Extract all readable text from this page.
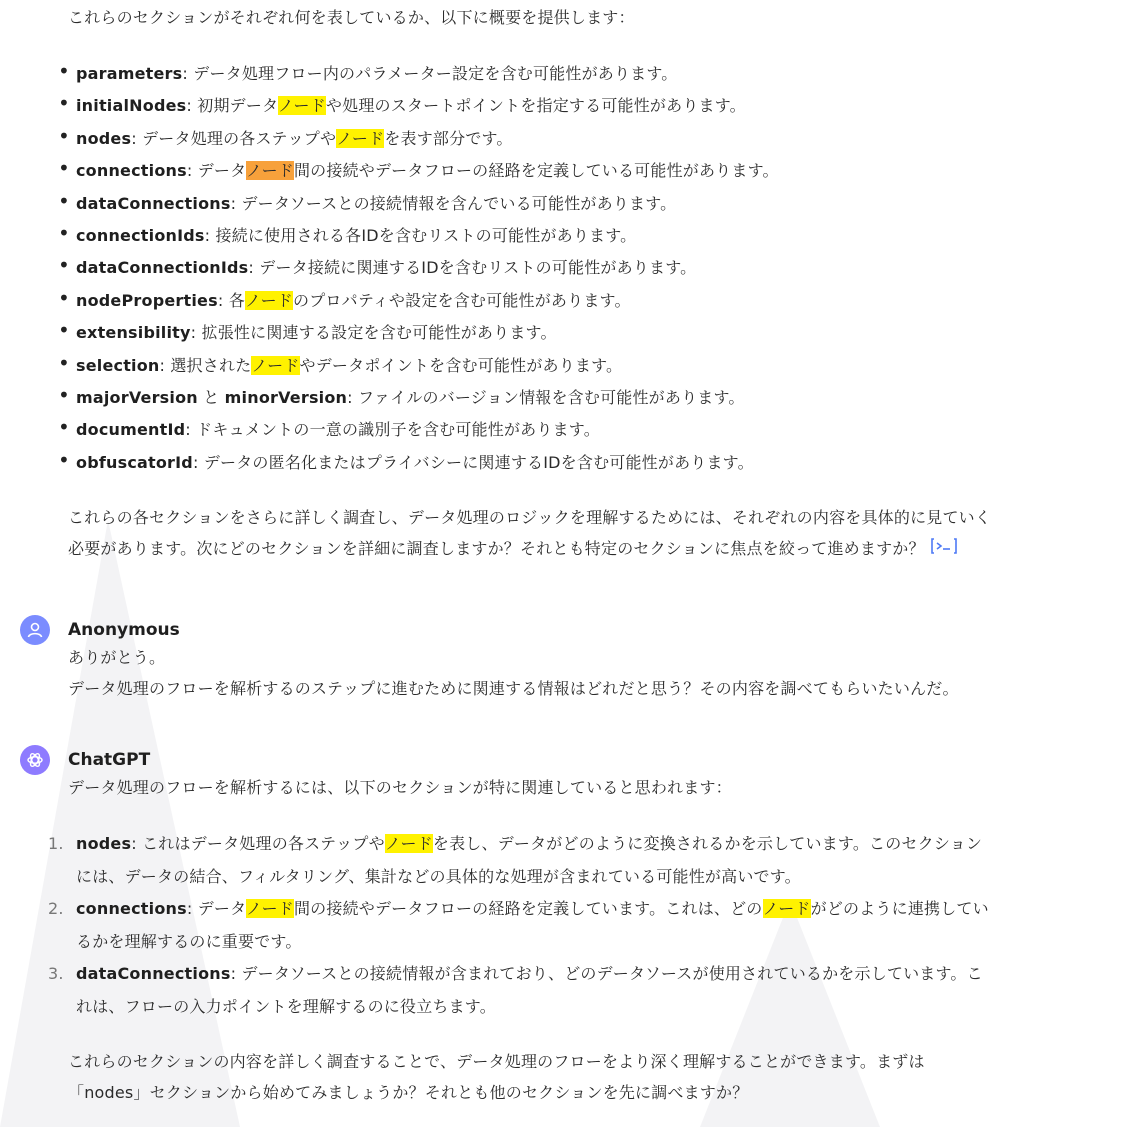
これらのセクションがそれぞれ何を表しているか、以下に概要を提供します：

• parameters: データ処理フロー内のパラメーター設定を含む可能性があります。
• initialNodes: 初期データノードや処理のスタートポイントを指定する可能性があります。
• nodes: データ処理の各ステップやノードを表す部分です。
• connections: データノード間の接続やデータフローの経路を定義している可能性があります。
• dataConnections: データソースとの接続情報を含んでいる可能性があります。
• connectionIds: 接続に使用される各IDを含むリストの可能性があります。
• dataConnectionIds: データ接続に関連するIDを含むリストの可能性があります。
• nodeProperties: 各ノードのプロパティや設定を含む可能性があります。
• extensibility: 拡張性に関連する設定を含む可能性があります。
• selection: 選択されたノードやデータポイントを含む可能性があります。
• majorVersion と minorVersion: ファイルのバージョン情報を含む可能性があります。
• documentId: ドキュメントの一意の識別子を含む可能性があります。
• obfuscatorId: データの匿名化またはプライバシーに関連するIDを含む可能性があります。

これらの各セクションをさらに詳しく調査し、データ処理のロジックを理解するためには、それぞれの内容を具体的に見ていく必要があります。次にどのセクションを詳細に調査しますか？それとも特定のセクションに焦点を絞って進めますか？

Anonymous

ありがとう。
データ処理のフローを解析するのステップに進むために関連する情報はどれだと思う？その内容を調べてもらいたいんだ。

ChatGPT

データ処理のフローを解析するには、以下のセクションが特に関連していると思われます：

1. nodes: これはデータ処理の各ステップやノードを表し、データがどのように変換されるかを示しています。このセクションには、データの結合、フィルタリング、集計などの具体的な処理が含まれている可能性が高いです。
2. connections: データノード間の接続やデータフローの経路を定義しています。これは、どのノードがどのように連携しているかを理解するのに重要です。
3. dataConnections: データソースとの接続情報が含まれており、どのデータソースが使用されているかを示しています。これは、フローの入力ポイントを理解するのに役立ちます。

これらのセクションの内容を詳しく調査することで、データ処理のフローをより深く理解することができます。まずは「nodes」セクションから始めてみましょうか？それとも他のセクションを先に調べますか？
